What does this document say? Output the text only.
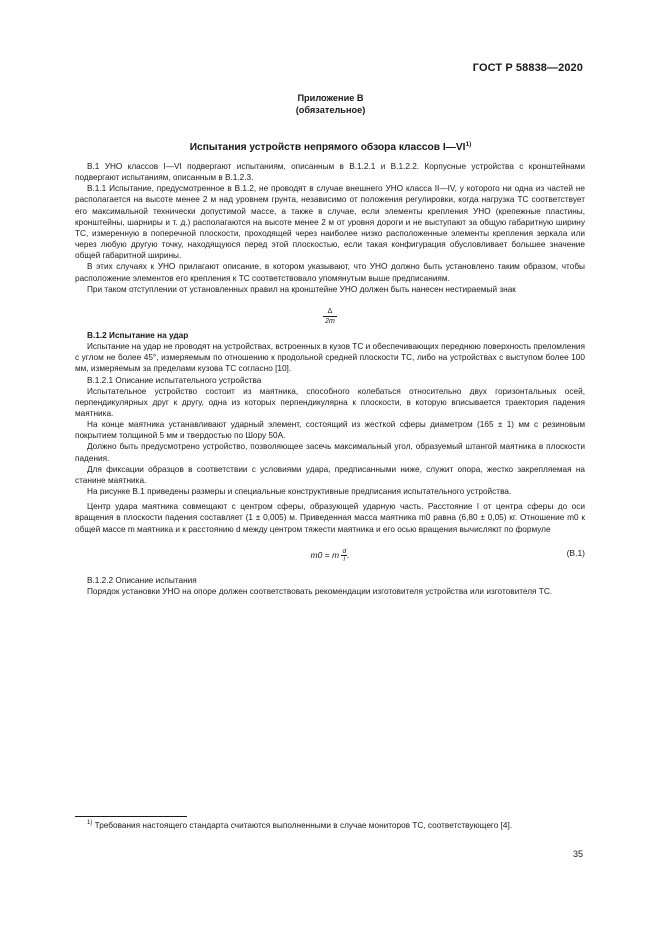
ГОСТ Р 58838—2020
Приложение В
(обязательное)
Испытания устройств непрямого обзора классов I—VI$^{1)}$

В.1 УНО классов I—VI подвергают испытаниям, описанным в В.1.2.1 и В.1.2.2. Корпусные устройства с кронштейнами подвергают испытаниям, описанным в В.1.2.3.

В.1.1 Испытание, предусмотренное в В.1.2, не проводят в случае внешнего УНО класса II—IV, у которого ни одна из частей не располагается на высоте менее 2 м над уровнем грунта, независимо от положения регулировки, когда нагрузка ТС соответствует его максимальной технически допустимой массе, а также в случае, если элементы крепления УНО (крепежные пластины, кронштейны, шарниры и т. д.) располагаются на высоте менее 2 м от уровня дороги и не выступают за общую габаритную ширину ТС, измеренную в поперечной плоскости, проходящей через наиболее низко расположенные элементы крепления зеркала или через любую другую точку, находящуюся перед этой плоскостью, если такая конфигурация обусловливает большее значение общей габаритной ширины.

В этих случаях к УНО прилагают описание, в котором указывают, что УНО должно быть установлено таким образом, чтобы расположение элементов его крепления к ТС соответствовало упомянутым выше предписаниям.

При таком отступлении от установленных правил на кронштейне УНО должен быть нанесен нестираемый знак

Δ
2m

В.1.2 Испытание на удар

Испытание на удар не проводят на устройствах, встроенных в кузов ТС и обеспечивающих переднюю поверхность преломления с углом не более 45°, измеряемым по отношению к продольной средней плоскости ТС, либо на устройствах с выступом более 100 мм, измеряемым за пределами кузова ТС согласно [10].

В.1.2.1 Описание испытательного устройства

Испытательное устройство состоит из маятника, способного колебаться относительно двух горизонтальных осей, перпендикулярных друг к другу, одна из которых перпендикулярна к плоскости, в которую вписывается траектория падения маятника.

На конце маятника устанавливают ударный элемент, состоящий из жесткой сферы диаметром (165 ± 1) мм с резиновым покрытием толщиной 5 мм и твердостью по Шору 50А.

Должно быть предусмотрено устройство, позволяющее засечь максимальный угол, образуемый штангой маятника в плоскости падения.

Для фиксации образцов в соответствии с условиями удара, предписанными ниже, служит опора, жестко закрепляемая на станине маятника.

На рисунке В.1 приведены размеры и специальные конструктивные предписания испытательного устройства.

Центр удара маятника совмещают с центром сферы, образующей ударную часть. Расстояние l от центра сферы до оси вращения в плоскости падения составляет (1 ± 0,005) м. Приведенная масса маятника m0 равна (6,80 ± 0,05) кг. Отношение m0 к общей массе m маятника и к расстоянию d между центром тяжести маятника и его осью вращения вычисляют по формуле

m0 = m $\frac{d}{l}$.	(В.1)

В.1.2.2 Описание испытания

Порядок установки УНО на опоре должен соответствовать рекомендации изготовителя устройства или изготовителя ТС.

$^{1)}$ Требования настоящего стандарта считаются выполненными в случае мониторов ТС, соответствующего [4].
35
